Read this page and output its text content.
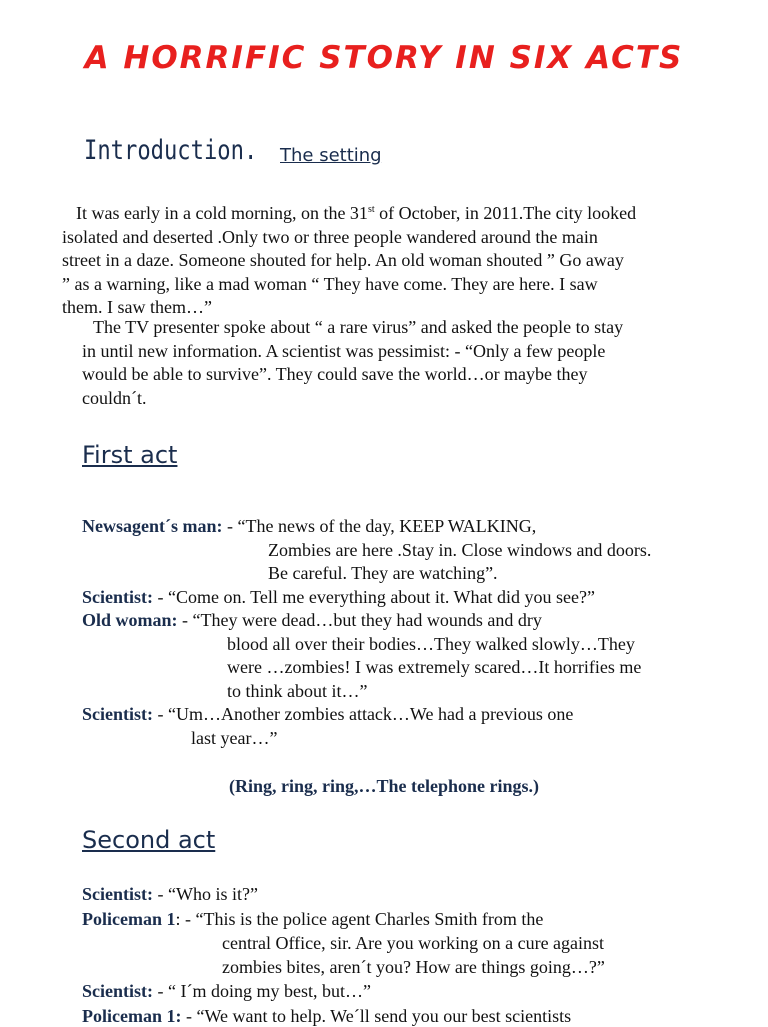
A HORRIFIC STORY IN SIX ACTS
Introduction. The setting
It was early in a cold morning, on the 31st of October, in 2011.The city looked
isolated and deserted .Only two or three people wandered around the main
street in a daze. Someone shouted for help. An old woman shouted ” Go away
” as a warning, like a mad woman “ They have come. They are here. I saw
them. I saw them…”
The TV presenter spoke about “ a rare virus” and asked the people to stay
in until new information. A scientist was pessimist: - “Only a few people
would be able to survive”. They could save the world…or maybe they
couldn´t.
First act
Newsagent´s man: - “The news of the day, KEEP WALKING,
Zombies are here .Stay in. Close windows and doors.
Be careful. They are watching”.
Scientist: - “Come on. Tell me everything about it. What did you see?”
Old woman: - “They were dead…but they had wounds and dry
blood all over their bodies…They walked slowly…They
were …zombies! I was extremely scared…It horrifies me
to think about it…”
Scientist: - “Um…Another zombies attack…We had a previous one
last year…”
(Ring, ring, ring,…The telephone rings.)
Second act
Scientist: - “Who is it?”
Policeman 1: - “This is the police agent Charles Smith from the
central Office, sir. Are you working on a cure against
zombies bites, aren´t you? How are things going…?”
Scientist: - “ I´m doing my best, but…”
Policeman 1: - “We want to help. We´ll send you our best scientists
